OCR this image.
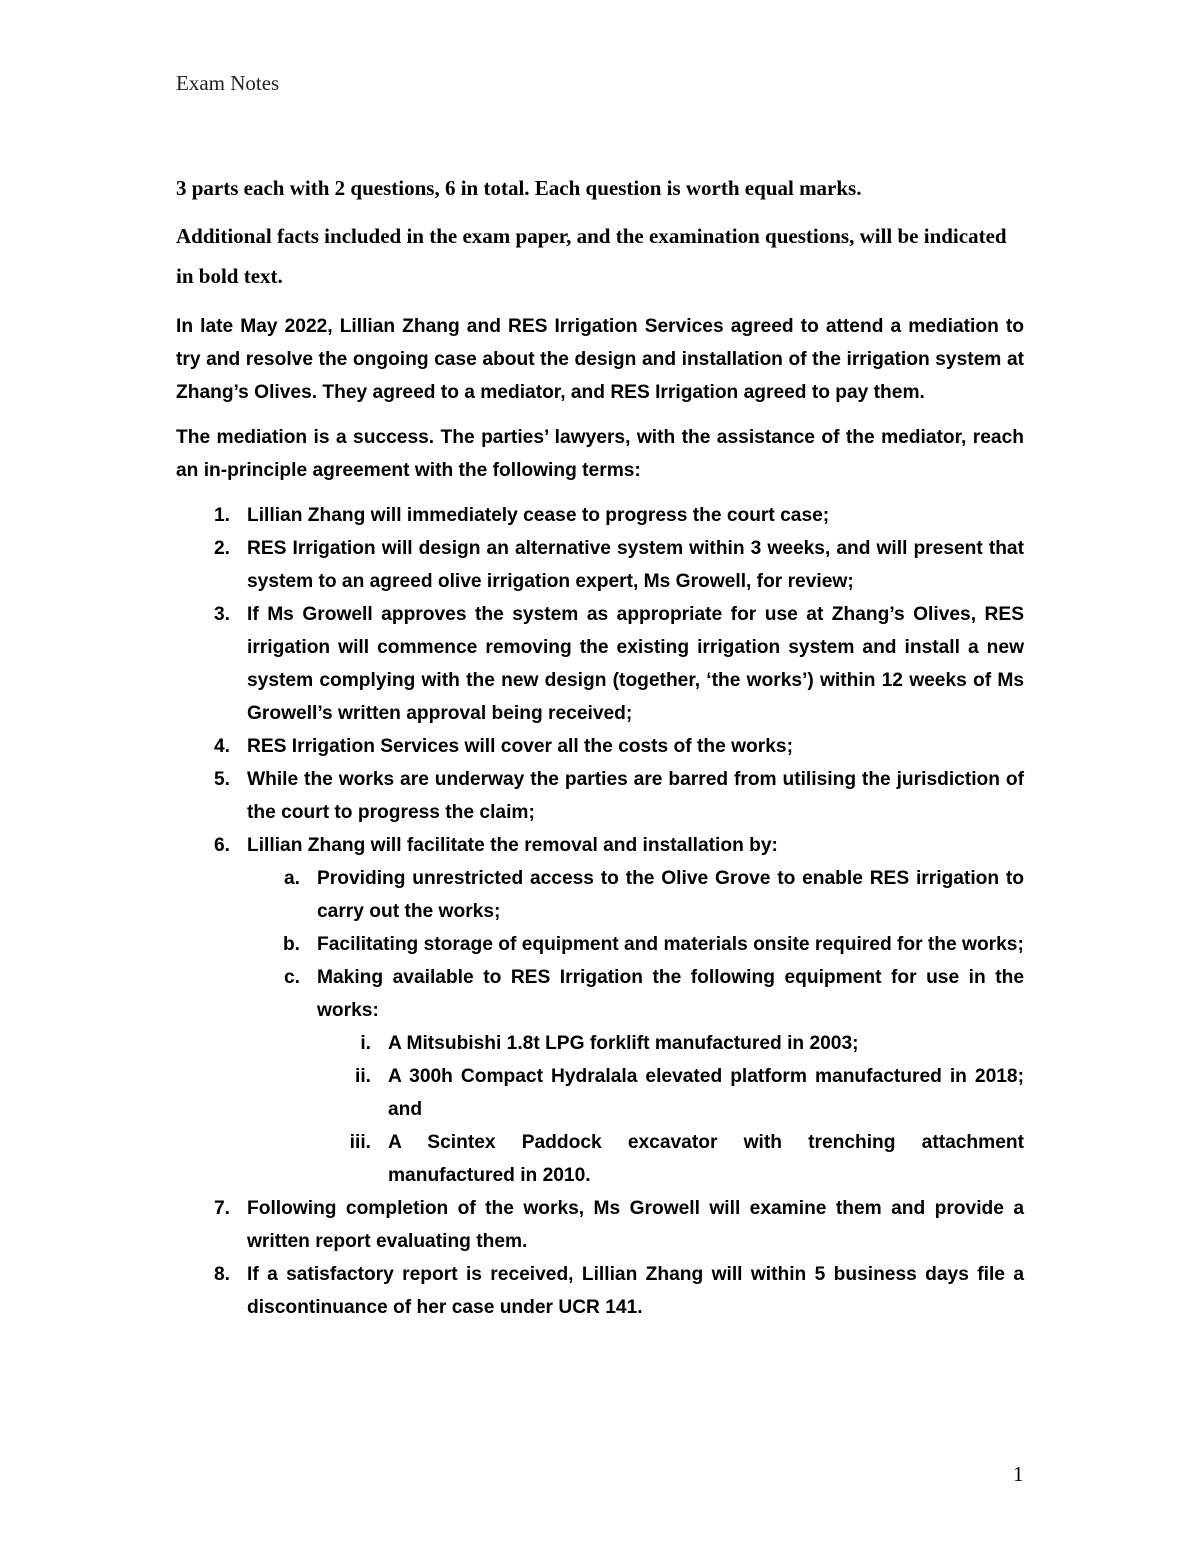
Exam Notes

3 parts each with 2 questions, 6 in total. Each question is worth equal marks.

Additional facts included in the exam paper, and the examination questions, will be indicated in bold text.

In late May 2022, Lillian Zhang and RES Irrigation Services agreed to attend a mediation to try and resolve the ongoing case about the design and installation of the irrigation system at Zhang’s Olives. They agreed to a mediator, and RES Irrigation agreed to pay them.

The mediation is a success. The parties’ lawyers, with the assistance of the mediator, reach an in-principle agreement with the following terms:

1. Lillian Zhang will immediately cease to progress the court case;
2. RES Irrigation will design an alternative system within 3 weeks, and will present that system to an agreed olive irrigation expert, Ms Growell, for review;
3. If Ms Growell approves the system as appropriate for use at Zhang’s Olives, RES irrigation will commence removing the existing irrigation system and install a new system complying with the new design (together, ‘the works’) within 12 weeks of Ms Growell’s written approval being received;
4. RES Irrigation Services will cover all the costs of the works;
5. While the works are underway the parties are barred from utilising the jurisdiction of the court to progress the claim;
6. Lillian Zhang will facilitate the removal and installation by:
a. Providing unrestricted access to the Olive Grove to enable RES irrigation to carry out the works;
b. Facilitating storage of equipment and materials onsite required for the works;
c. Making available to RES Irrigation the following equipment for use in the works:
i. A Mitsubishi 1.8t LPG forklift manufactured in 2003;
ii. A 300h Compact Hydralala elevated platform manufactured in 2018; and
iii. A Scintex Paddock excavator with trenching attachment manufactured in 2010.
7. Following completion of the works, Ms Growell will examine them and provide a written report evaluating them.
8. If a satisfactory report is received, Lillian Zhang will within 5 business days file a discontinuance of her case under UCR 141.
1
